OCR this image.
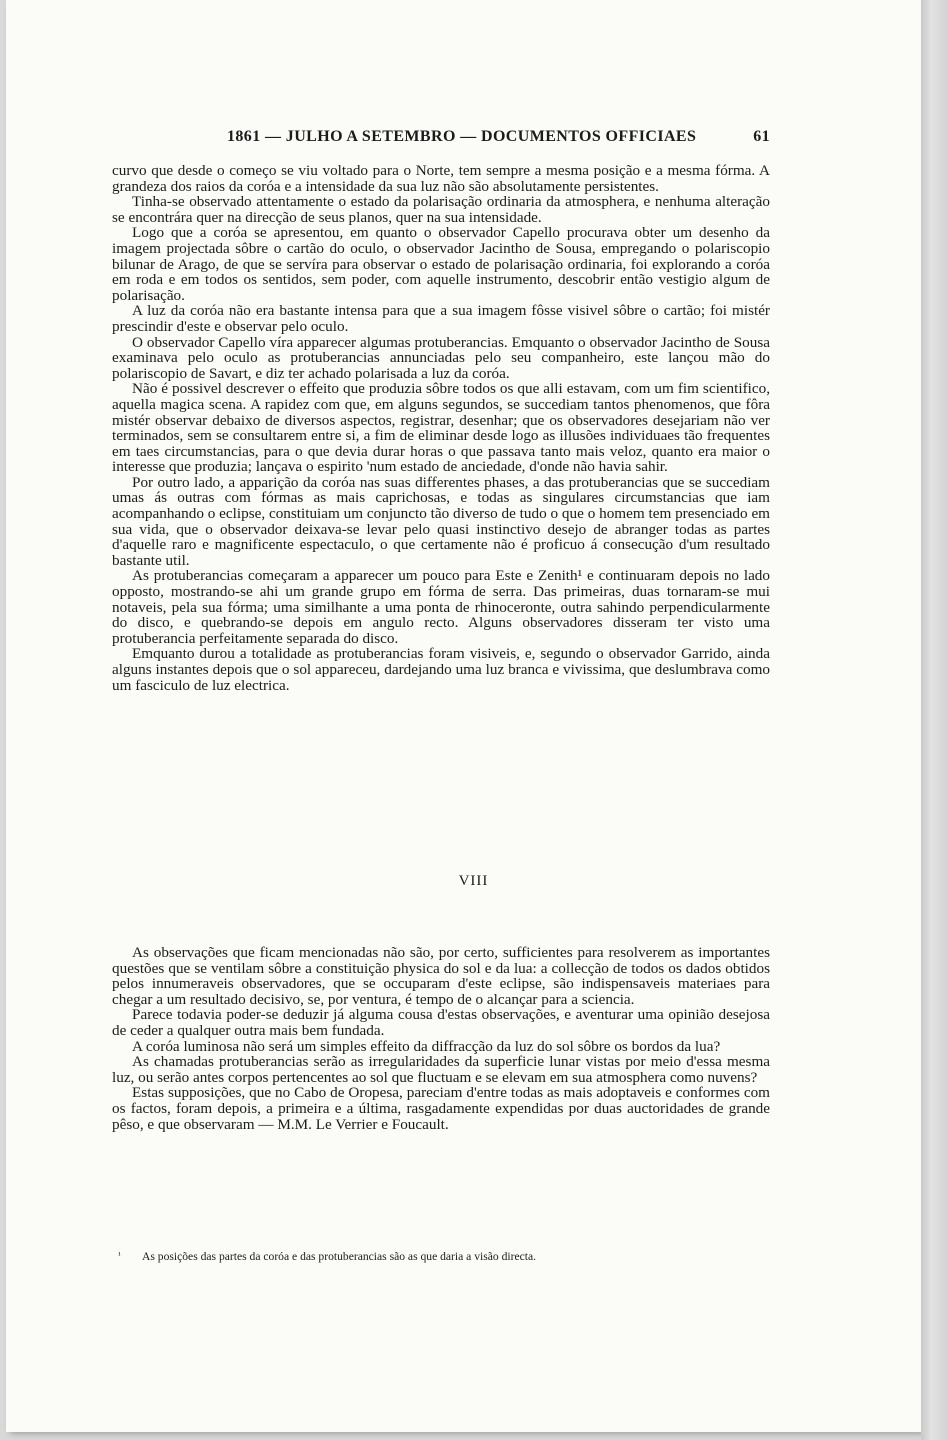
1861 — JULHO A SETEMBRO — DOCUMENTOS OFFICIAES	61

curvo que desde o começo se viu voltado para o Norte, tem sempre a mesma posição e a mesma fórma. A grandeza dos raios da coróa e a intensidade da sua luz não são absolutamente persistentes.

Tinha-se observado attentamente o estado da polarisação ordinaria da atmosphera, e nenhuma alteração se encontrára quer na direcção de seus planos, quer na sua intensidade.

Logo que a coróa se apresentou, em quanto o observador Capello procurava obter um desenho da imagem projectada sôbre o cartão do oculo, o observador Jacintho de Sousa, empregando o polariscopio bilunar de Arago, de que se servíra para observar o estado de polarisação ordinaria, foi explorando a coróa em roda e em todos os sentidos, sem poder, com aquelle instrumento, descobrir então vestigio algum de polarisação.

A luz da coróa não era bastante intensa para que a sua imagem fôsse visivel sôbre o cartão; foi mistér prescindir d'este e observar pelo oculo.

O observador Capello víra apparecer algumas protuberancias. Emquanto o observador Jacintho de Sousa examinava pelo oculo as protuberancias annunciadas pelo seu companheiro, este lançou mão do polariscopio de Savart, e diz ter achado polarisada a luz da coróa.

Não é possivel descrever o effeito que produzia sôbre todos os que alli estavam, com um fim scientifico, aquella magica scena. A rapidez com que, em alguns segundos, se succediam tantos phenomenos, que fôra mistér observar debaixo de diversos aspectos, registrar, desenhar; que os observadores desejariam não ver terminados, sem se consultarem entre si, a fim de eliminar desde logo as illusões individuaes tão frequentes em taes circumstancias, para o que devia durar horas o que passava tanto mais veloz, quanto era maior o interesse que produzia; lançava o espirito 'num estado de anciedade, d'onde não havia sahir.

Por outro lado, a apparição da coróa nas suas differentes phases, a das protuberancias que se succediam umas ás outras com fórmas as mais caprichosas, e todas as singulares circumstancias que iam acompanhando o eclipse, constituiam um conjuncto tão diverso de tudo o que o homem tem presenciado em sua vida, que o observador deixava-se levar pelo quasi instinctivo desejo de abranger todas as partes d'aquelle raro e magnificente espectaculo, o que certamente não é proficuo á consecução d'um resultado bastante util.

As protuberancias começaram a apparecer um pouco para Este e Zenith¹ e continuaram depois no lado opposto, mostrando-se ahi um grande grupo em fórma de serra. Das primeiras, duas tornaram-se mui notaveis, pela sua fórma; uma similhante a uma ponta de rhinoceronte, outra sahindo perpendicularmente do disco, e quebrando-se depois em angulo recto. Alguns observadores disseram ter visto uma protuberancia perfeitamente separada do disco.

Emquanto durou a totalidade as protuberancias foram visiveis, e, segundo o observador Garrido, ainda alguns instantes depois que o sol appareceu, dardejando uma luz branca e vivissima, que deslumbrava como um fasciculo de luz electrica.

VIII

As observações que ficam mencionadas não são, por certo, sufficientes para resolverem as importantes questões que se ventilam sôbre a constituição physica do sol e da lua: a collecção de todos os dados obtidos pelos innumeraveis observadores, que se occuparam d'este eclipse, são indispensaveis materiaes para chegar a um resultado decisivo, se, por ventura, é tempo de o alcançar para a sciencia.

Parece todavia poder-se deduzir já alguma cousa d'estas observações, e aventurar uma opinião desejosa de ceder a qualquer outra mais bem fundada.

A coróa luminosa não será um simples effeito da diffracção da luz do sol sôbre os bordos da lua?

As chamadas protuberancias serão as irregularidades da superficie lunar vistas por meio d'essa mesma luz, ou serão antes corpos pertencentes ao sol que fluctuam e se elevam em sua atmosphera como nuvens?

Estas supposições, que no Cabo de Oropesa, pareciam d'entre todas as mais adoptaveis e conformes com os factos, foram depois, a primeira e a última, rasgadamente expendidas por duas auctoridades de grande pêso, e que observaram — M.M. Le Verrier e Foucault.

¹ As posições das partes da coróa e das protuberancias são as que daria a visão directa.
